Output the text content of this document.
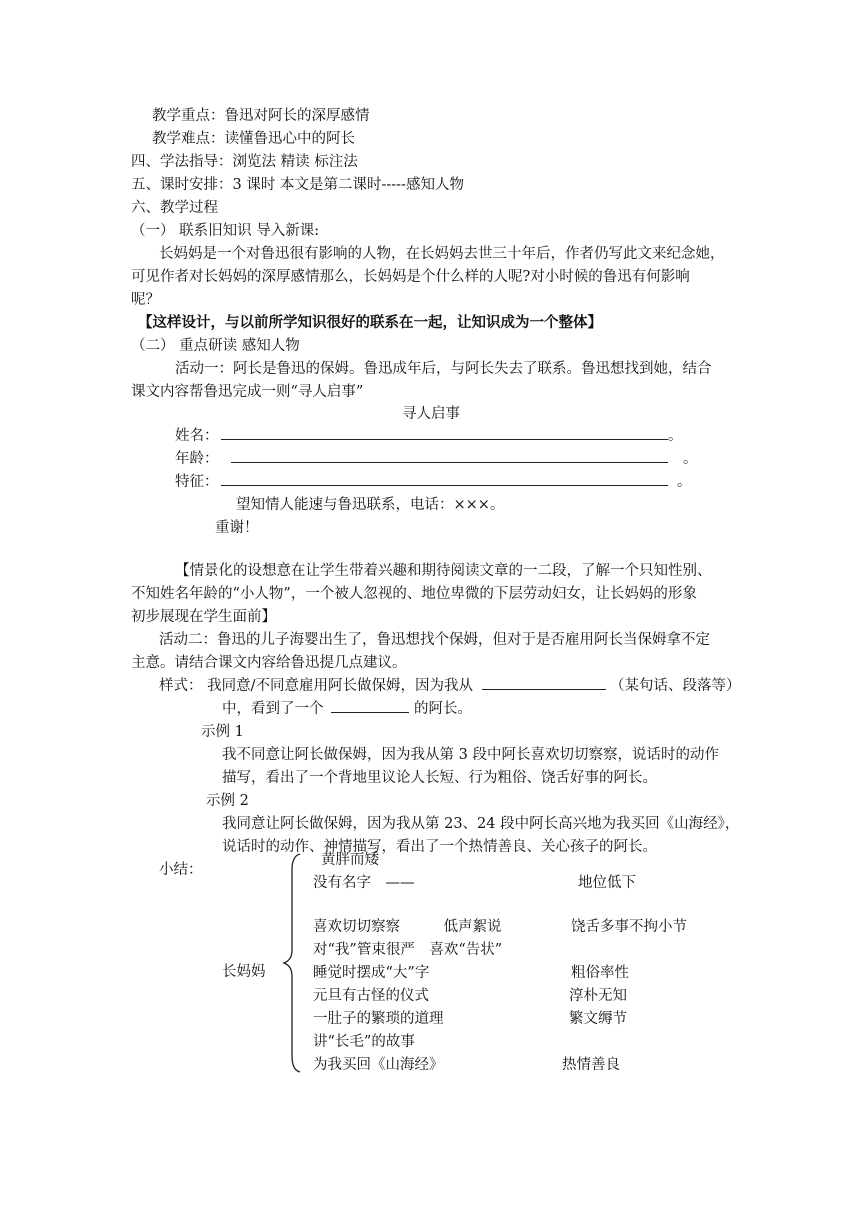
教学重点：鲁迅对阿长的深厚感情
教学难点：读懂鲁迅心中的阿长
四、学法指导：浏览法 精读 标注法
五、课时安排：3 课时 本文是第二课时-----感知人物
六、教学过程
（一） 联系旧知识 导入新课:
长妈妈是一个对鲁迅很有影响的人物，在长妈妈去世三十年后，作者仍写此文来纪念她，
可见作者对长妈妈的深厚感情那么，长妈妈是个什么样的人呢?对小时候的鲁迅有何影响
呢？
【这样设计，与以前所学知识很好的联系在一起，让知识成为一个整体】
（二） 重点研读 感知人物
活动一：阿长是鲁迅的保姆。鲁迅成年后，与阿长失去了联系。鲁迅想找到她，结合
课文内容帮鲁迅完成一则“寻人启事”
寻人启事
姓名：	。
年龄：	。
特征：	。
望知情人能速与鲁迅联系，电话：×××。
重谢！
【情景化的设想意在让学生带着兴趣和期待阅读文章的一二段，了解一个只知性别、
不知姓名年龄的“小人物”，一个被人忽视的、地位卑微的下层劳动妇女，让长妈妈的形象
初步展现在学生面前】
活动二：鲁迅的儿子海婴出生了，鲁迅想找个保姆，但对于是否雇用阿长当保姆拿不定
主意。请结合课文内容给鲁迅提几点建议。
样式： 我同意/不同意雇用阿长做保姆，因为我从	（某句话、段落等）
中，看到了一个	的阿长。
示例 1
我不同意让阿长做保姆，因为我从第 3 段中阿长喜欢切切察察，说话时的动作
描写，看出了一个背地里议论人长短、行为粗俗、饶舌好事的阿长。
示例 2
我同意让阿长做保姆，因为我从第 23、24 段中阿长高兴地为我买回《山海经》，
说话时的动作、神情描写，看出了一个热情善良、关心孩子的阿长。
小结：
长妈妈
黄胖而矮
没有名字　——	地位低下
喜欢切切察察　　　低声絮说	饶舌多事不拘小节
对“我”管束很严　喜欢“告状”
睡觉时摆成“大”字	粗俗率性
元旦有古怪的仪式	淳朴无知
一肚子的繁琐的道理	繁文缛节
讲“长毛”的故事
为我买回《山海经》	热情善良
